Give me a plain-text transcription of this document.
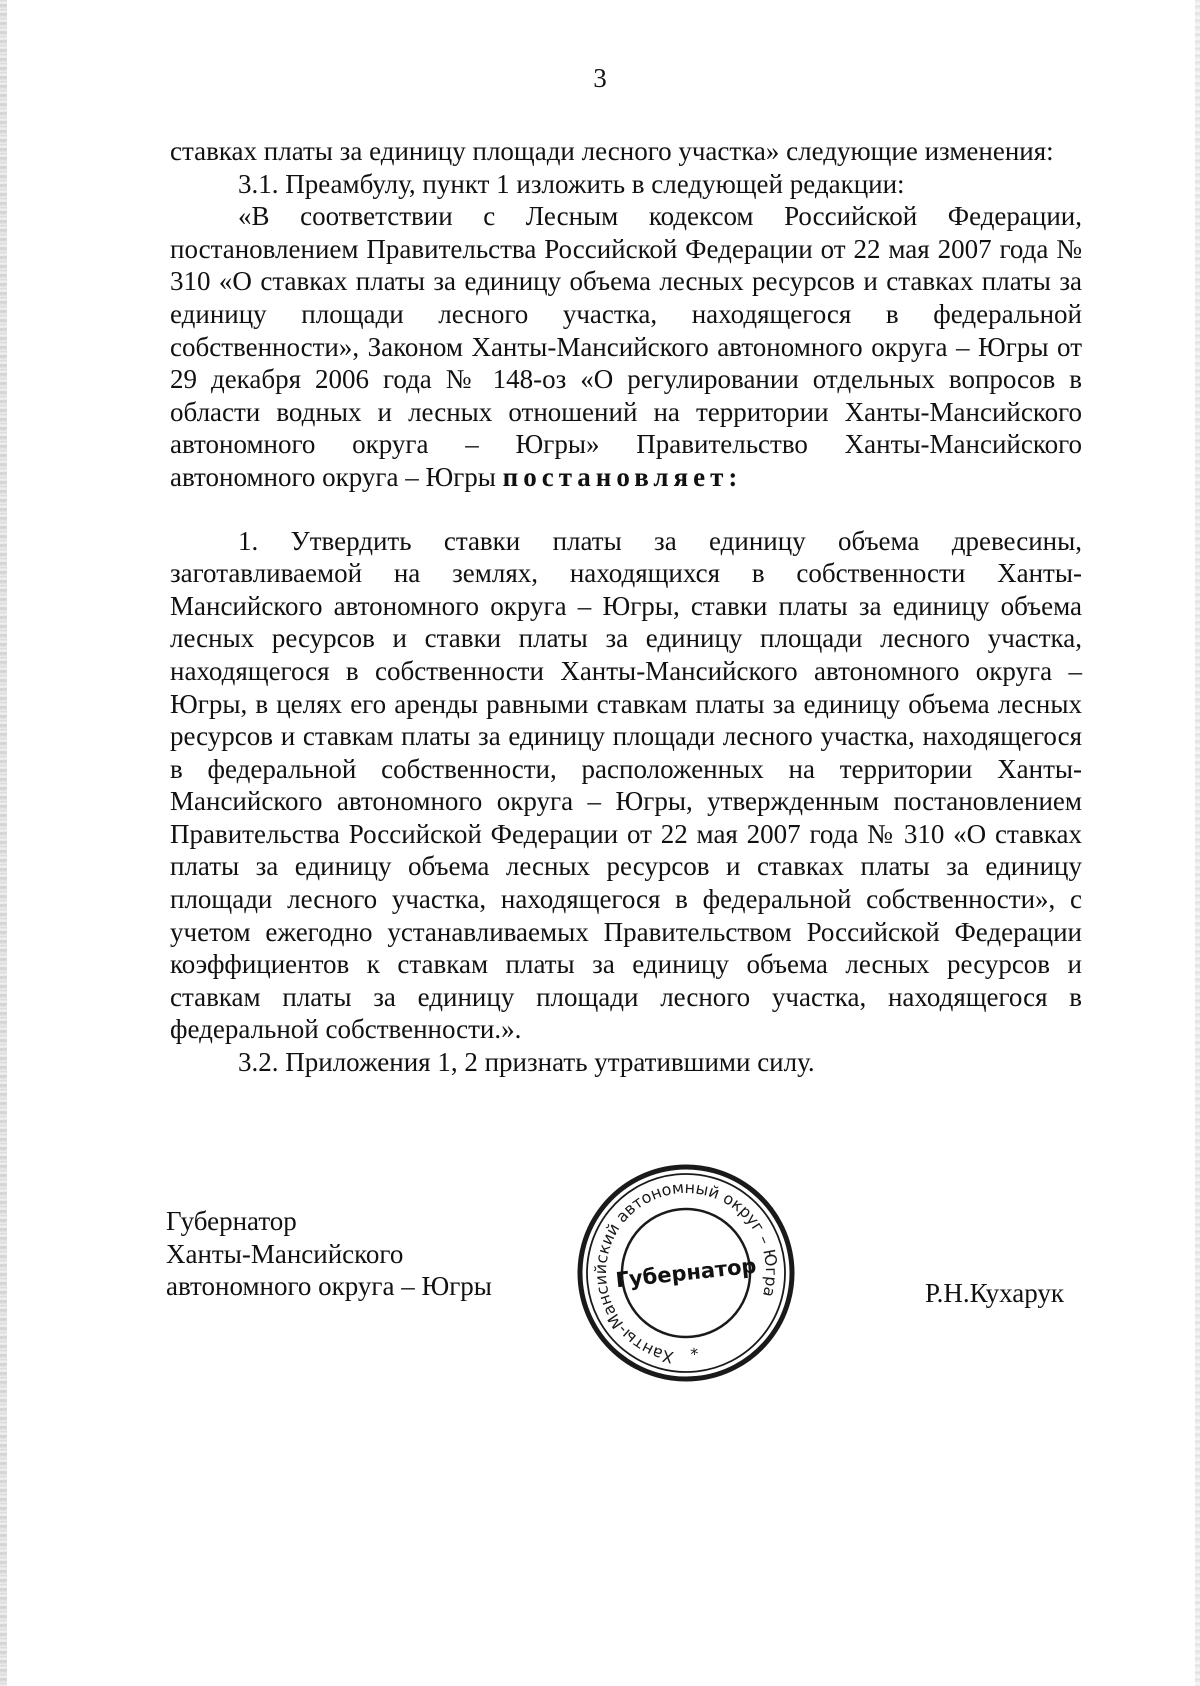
3

ставках платы за единицу площади лесного участка» следующие изменения:

3.1. Преамбулу, пункт 1 изложить в следующей редакции:

«В соответствии с Лесным кодексом Российской Федерации, постановлением Правительства Российской Федерации от 22 мая 2007 года № 310 «О ставках платы за единицу объема лесных ресурсов и ставках платы за единицу площади лесного участка, находящегося в федеральной собственности», Законом Ханты-Мансийского автономного округа – Югры от 29 декабря 2006 года № 148-оз «О регулировании отдельных вопросов в области водных и лесных отношений на территории Ханты-Мансийского автономного округа – Югры» Правительство Ханты-Мансийского автономного округа – Югры постановляет:

1. Утвердить ставки платы за единицу объема древесины, заготавливаемой на землях, находящихся в собственности Ханты-Мансийского автономного округа – Югры, ставки платы за единицу объема лесных ресурсов и ставки платы за единицу площади лесного участка, находящегося в собственности Ханты-Мансийского автономного округа – Югры, в целях его аренды равными ставкам платы за единицу объема лесных ресурсов и ставкам платы за единицу площади лесного участка, находящегося в федеральной собственности, расположенных на территории Ханты-Мансийского автономного округа – Югры, утвержденным постановлением Правительства Российской Федерации от 22 мая 2007 года № 310 «О ставках платы за единицу объема лесных ресурсов и ставках платы за единицу площади лесного участка, находящегося в федеральной собственности», с учетом ежегодно устанавливаемых Правительством Российской Федерации коэффициентов к ставкам платы за единицу объема лесных ресурсов и ставкам платы за единицу площади лесного участка, находящегося в федеральной собственности.».

3.2. Приложения 1, 2 признать утратившими силу.

Губернатор
Ханты-Мансийского
автономного округа – Югры
Ханты-Мансийский автономный округ – Югра
Губернатор
*
Р.Н.Кухарук
